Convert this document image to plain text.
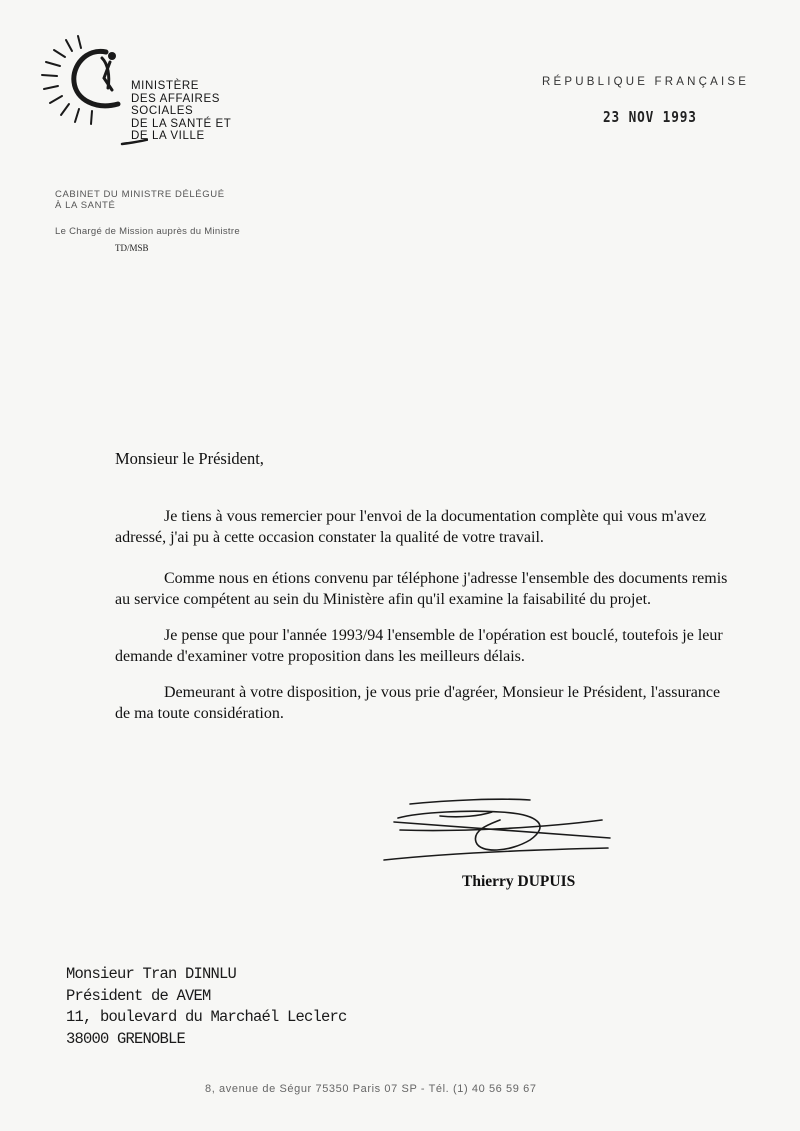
MINISTÈRE
DES AFFAIRES
SOCIALES
DE LA SANTÉ ET
DE LA VILLE
RÉPUBLIQUE FRANÇAISE
23 NOV 1993
CABINET DU MINISTRE DÉLÉGUÉ
À LA SANTÉ
Le Chargé de Mission auprès du Ministre
TD/MSB
Monsieur le Président,
Je tiens à vous remercier pour l'envoi de la documentation complète qui vous m'avez
adressé, j'ai pu à cette occasion constater la qualité de votre travail.
Comme nous en étions convenu par téléphone j'adresse l'ensemble des documents remis
au service compétent au sein du Ministère afin qu'il examine la faisabilité du projet.
Je pense que pour l'année 1993/94 l'ensemble de l'opération est bouclé, toutefois je leur
demande d'examiner votre proposition dans les meilleurs délais.
Demeurant à votre disposition, je vous prie d'agréer, Monsieur le Président, l'assurance
de ma toute considération.
Thierry DUPUIS
Monsieur Tran DINNLU
Président de AVEM
11, boulevard du Marchaél Leclerc
38000 GRENOBLE
8, avenue de Ségur 75350 Paris 07 SP - Tél. (1) 40 56 59 67
